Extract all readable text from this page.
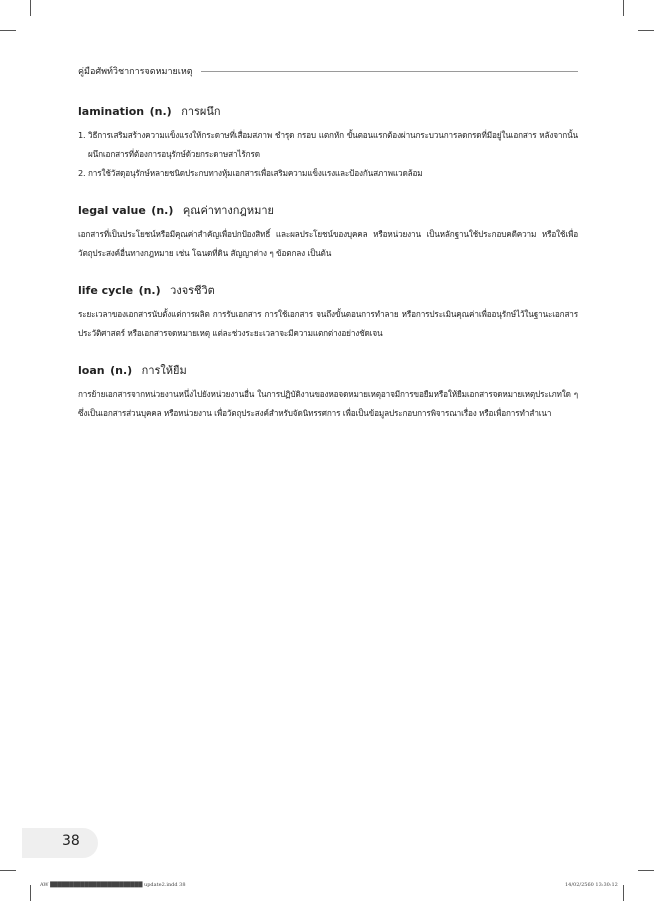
คู่มือศัพท์วิชาการจดหมายเหตุ
lamination (n.) การผนึก
1. วิธีการเสริมสร้างความแข็งแรงให้กระดาษที่เสื่อมสภาพ ชำรุด กรอบ แตกหัก ขั้นตอนแรกต้องผ่านกระบวนการลดกรดที่มีอยู่ในเอกสาร หลังจากนั้นผนึกเอกสารที่ต้องการอนุรักษ์ด้วยกระดาษสาไร้กรด
2. การใช้วัสดุอนุรักษ์หลายชนิดประกบทางหุ้มเอกสารเพื่อเสริมความแข็งแรงและป้องกันสภาพแวดล้อม
legal value (n.) คุณค่าทางกฎหมาย

เอกสารที่เป็นประโยชน์หรือมีคุณค่าสำคัญเพื่อปกป้องสิทธิ์ และผลประโยชน์ของบุคคล หรือหน่วยงาน เป็นหลักฐานใช้ประกอบคดีความ หรือใช้เพื่อวัตถุประสงค์อื่นทางกฎหมาย เช่น โฉนดที่ดิน สัญญาต่าง ๆ ข้อตกลง เป็นต้น

life cycle (n.) วงจรชีวิต

ระยะเวลาของเอกสารนับตั้งแต่การผลิต การรับเอกสาร การใช้เอกสาร จนถึงขั้นตอนการทำลาย หรือการประเมินคุณค่าเพื่ออนุรักษ์ไว้ในฐานะเอกสารประวัติศาสตร์ หรือเอกสารจดหมายเหตุ แต่ละช่วงระยะเวลาจะมีความแตกต่างอย่างชัดเจน

loan (n.) การให้ยืม

การย้ายเอกสารจากหน่วยงานหนึ่งไปยังหน่วยงานอื่น ในการปฏิบัติงานของหอจดหมายเหตุอาจมีการขอยืมหรือให้ยืมเอกสารจดหมายเหตุประเภทใด ๆ ซึ่งเป็นเอกสารส่วนบุคคล หรือหน่วยงาน เพื่อวัตถุประสงค์สำหรับจัดนิทรรศการ เพื่อเป็นข้อมูลประกอบการพิจารณาเรื่อง หรือเพื่อการทำสำเนา

38
AW ████████████████████████ update2.indd 38	14/02/2560 13:30:12
